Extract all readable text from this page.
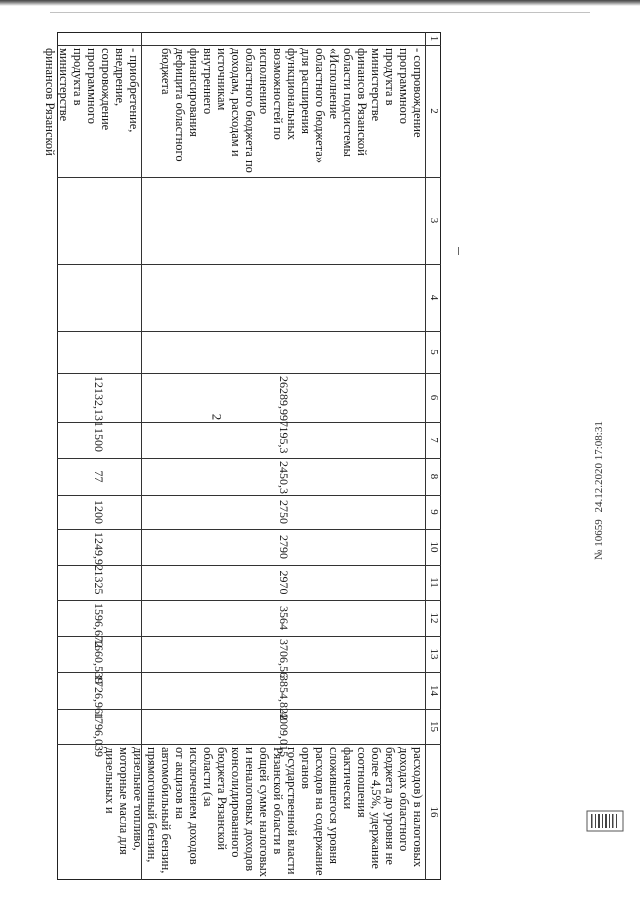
2
1
2
3
4
5
6
7
8
9
10
11
12
13
14
15
16
- сопровождение программного продукта в министерстве финансов Рязанской области подсистемы «Исполнение областного бюджета» для расширения функциональных возможностей по исполнению областного бюджета по доходам, расходам и источникам внутреннего финансирования дефицита областного бюджета
26289,997
195,3
2450,3
2750
2790
2970
3564
3706,56
3854,822
4009,015
расходов) в налоговых доходах областного бюджета до уровня не более 4,5%, удержание соотношения фактически сложившегося уровня расходов на содержание органов государственной власти Рязанской области в общей сумме налоговых и неналоговых доходов консолидированного бюджета Рязанской области (за исключением доходов от акцизов на автомобильный бензин, прямогонный бензин, дизельное топливо, моторные масла для дизельных и
- приобретение, внедрение, сопровождение программного продукта в министерстве финансов Рязанской
12132,131
1500
77
1200
1249,92
1325
1596,672
1660,539
1726,961
1796,039
№ 10659 24.12.2020 17:08:31
